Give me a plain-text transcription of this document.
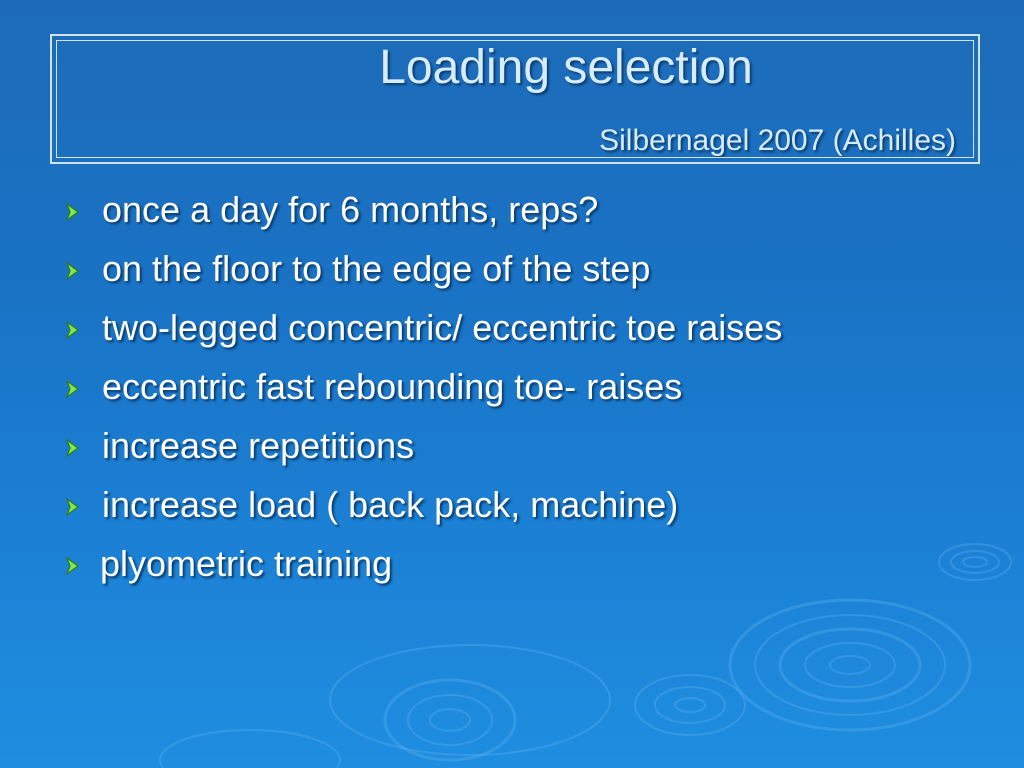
Loading selection
Silbernagel 2007 (Achilles)
once a day for 6 months, reps?
on the floor to the edge of the step
two-legged concentric/ eccentric toe raises
eccentric fast rebounding toe- raises
increase repetitions
increase load ( back pack, machine)
plyometric training
